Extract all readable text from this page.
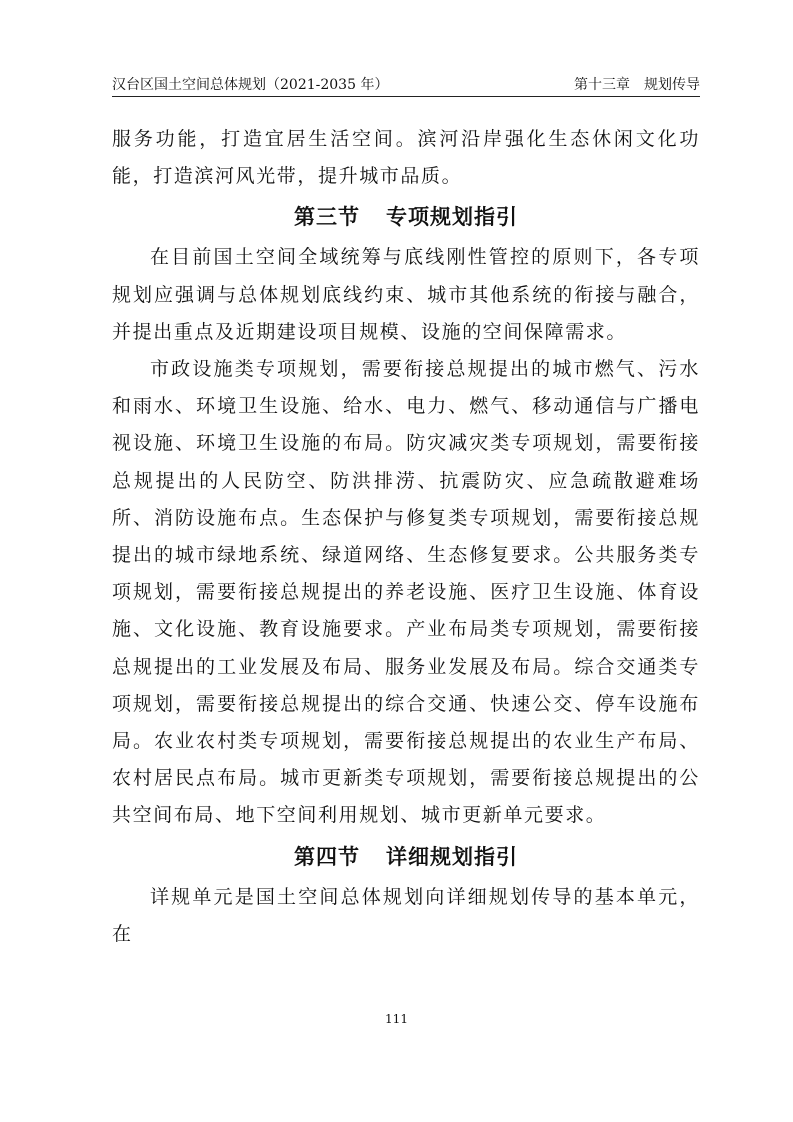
汉台区国土空间总体规划（2021-2035 年）	第十三章　规划传导

服务功能，打造宜居生活空间。滨河沿岸强化生态休闲文化功能，打造滨河风光带，提升城市品质。

第三节 专项规划指引

在目前国土空间全域统筹与底线刚性管控的原则下，各专项规划应强调与总体规划底线约束、城市其他系统的衔接与融合，并提出重点及近期建设项目规模、设施的空间保障需求。

市政设施类专项规划，需要衔接总规提出的城市燃气、污水和雨水、环境卫生设施、给水、电力、燃气、移动通信与广播电视设施、环境卫生设施的布局。防灾减灾类专项规划，需要衔接总规提出的人民防空、防洪排涝、抗震防灾、应急疏散避难场所、消防设施布点。生态保护与修复类专项规划，需要衔接总规提出的城市绿地系统、绿道网络、生态修复要求。公共服务类专项规划，需要衔接总规提出的养老设施、医疗卫生设施、体育设施、文化设施、教育设施要求。产业布局类专项规划，需要衔接总规提出的工业发展及布局、服务业发展及布局。综合交通类专项规划，需要衔接总规提出的综合交通、快速公交、停车设施布局。农业农村类专项规划，需要衔接总规提出的农业生产布局、农村居民点布局。城市更新类专项规划，需要衔接总规提出的公共空间布局、地下空间利用规划、城市更新单元要求。

第四节 详细规划指引

详规单元是国土空间总体规划向详细规划传导的基本单元，在

111
